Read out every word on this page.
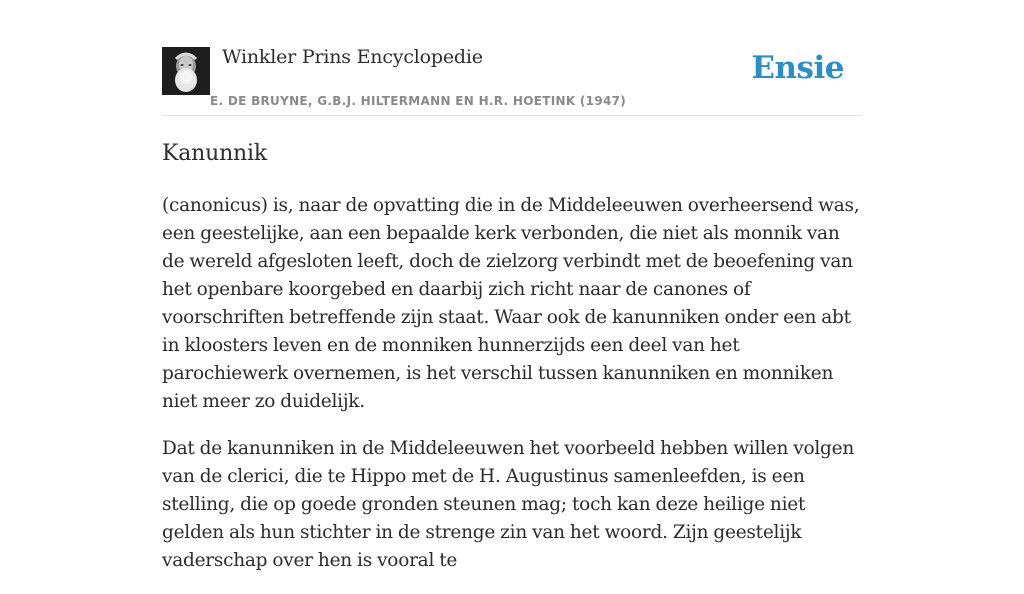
Winkler Prins Encyclopedie
E. DE BRUYNE, G.B.J. HILTERMANN EN H.R. HOETINK (1947)
Ensie
Kanunnik

(canonicus) is, naar de opvatting die in de Middeleeuwen overheersend was, een geestelijke, aan een bepaalde kerk verbonden, die niet als monnik van de wereld afgesloten leeft, doch de zielzorg verbindt met de beoefening van het openbare koorgebed en daarbij zich richt naar de canones of voorschriften betreffende zijn staat. Waar ook de kanunniken onder een abt in kloosters leven en de monniken hunnerzijds een deel van het parochiewerk overnemen, is het verschil tussen kanunniken en monniken niet meer zo duidelijk.

Dat de kanunniken in de Middeleeuwen het voorbeeld hebben willen volgen van de clerici, die te Hippo met de H. Augustinus samenleefden, is een stelling, die op goede gronden steunen mag; toch kan deze heilige niet gelden als hun stichter in de strenge zin van het woord. Zijn geestelijk vaderschap over hen is vooral te
